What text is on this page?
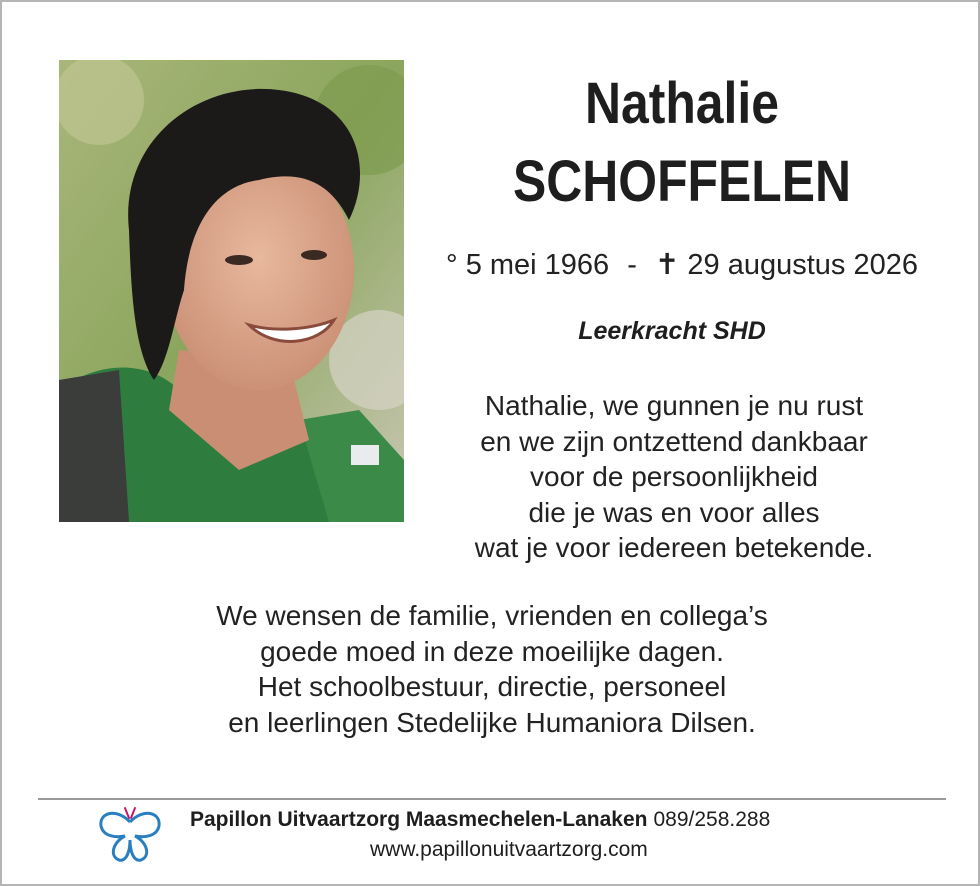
Nathalie
SCHOFFELEN
° 5 mei 1966 - ✝ 29 augustus 2026
Leerkracht SHD
Nathalie, we gunnen je nu rust
en we zijn ontzettend dankbaar
voor de persoonlijkheid
die je was en voor alles
wat je voor iedereen betekende.
We wensen de familie, vrienden en collega’s
goede moed in deze moeilijke dagen.
Het schoolbestuur, directie, personeel
en leerlingen Stedelijke Humaniora Dilsen.
Papillon Uitvaartzorg Maasmechelen-Lanaken 089/258.288
www.papillonuitvaartzorg.com
